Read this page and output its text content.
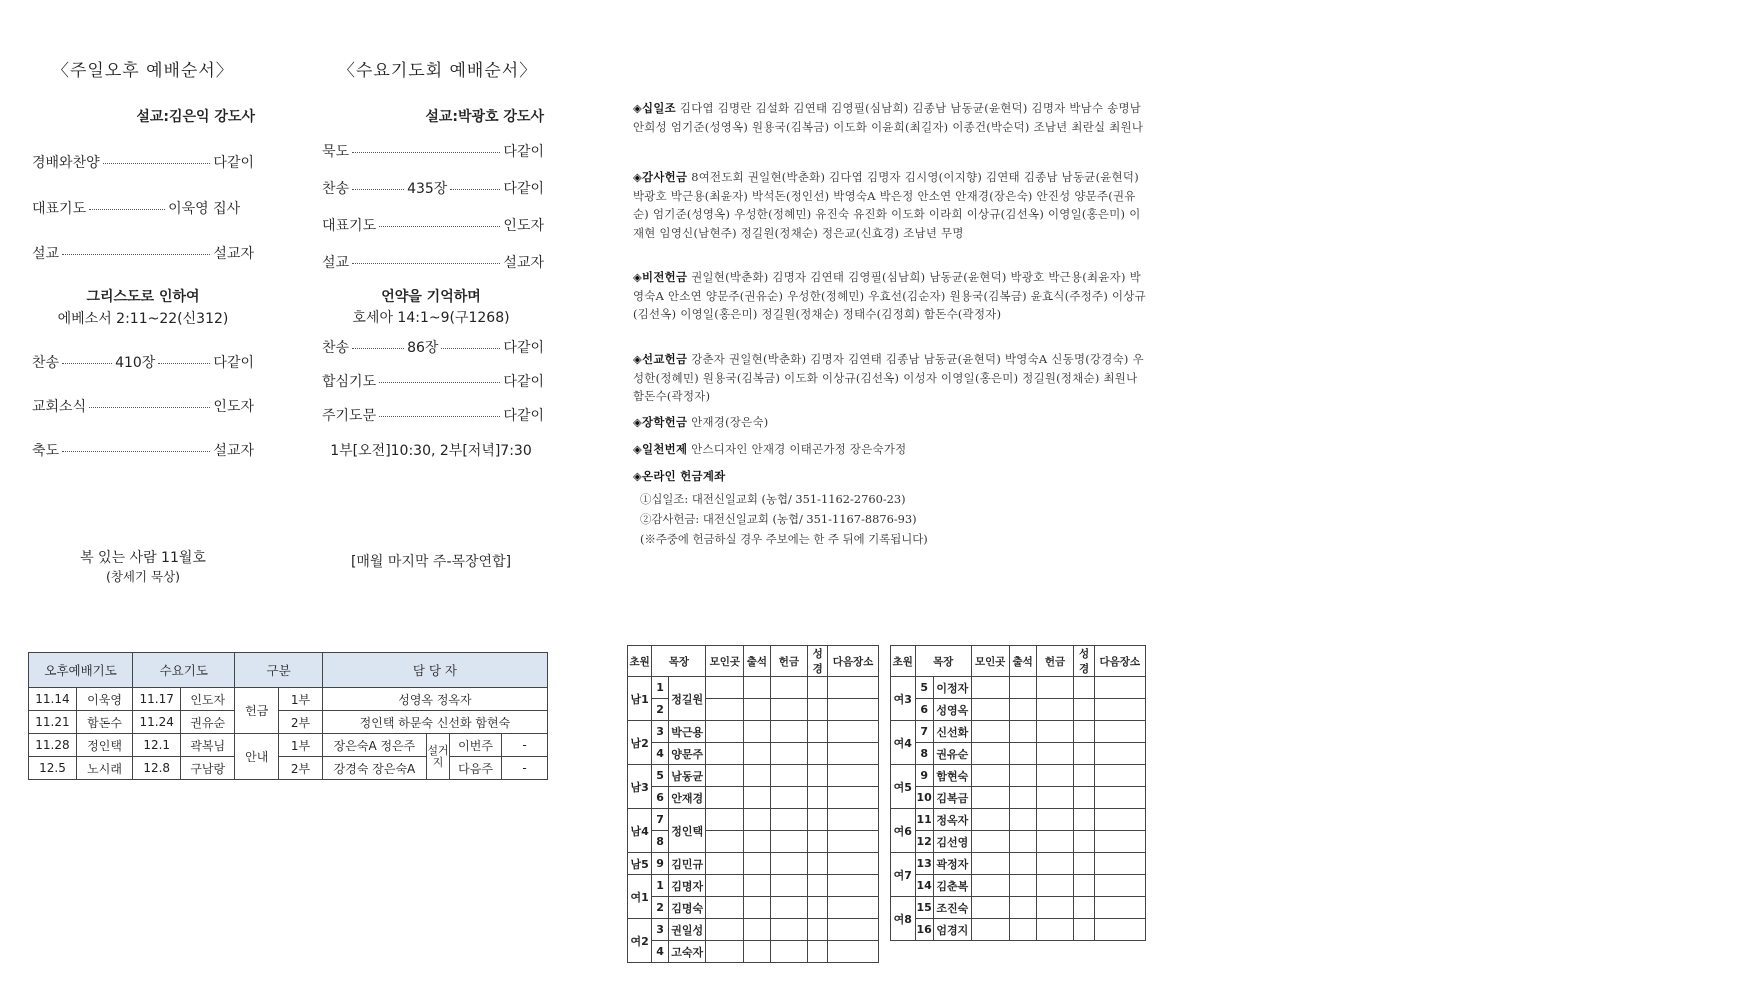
〈주일오후 예배순서〉
설교:김은익 강도사
경배와찬양	다같이
대표기도	이욱영 집사
설교	설교자
그리스도로 인하여
에베소서 2:11~22(신312)
찬송	410장	다같이
교회소식	인도자
축도	설교자
복 있는 사람 11월호
(창세기 묵상)
〈수요기도회 예배순서〉
설교:박광호 강도사
묵도	다같이
찬송	435장	다같이
대표기도	인도자
설교	설교자
언약을 기억하며
호세아 14:1~9(구1268)
찬송	86장	다같이
합심기도	다같이
주기도문	다같이
1부[오전]10:30, 2부[저녁]7:30
[매월 마지막 주-목장연합]
◈십일조 김다엽 김명란 김설화 김연태 김영필(심남희) 김종남 남동균(윤현덕) 김명자 박남수 송명남 안희성 엄기준(성영옥) 원용국(김복금) 이도화 이윤희(최길자) 이종건(박순덕) 조남년 최란실 최원나
◈감사헌금 8여전도회 권일현(박춘화) 김다엽 김명자 김시영(이지향) 김연태 김종남 남동균(윤현덕) 박광호 박근용(최윤자) 박석돈(정인선) 박영숙A 박은정 안소연 안재경(장은숙) 안진성 양문주(권유순) 엄기준(성영옥) 우성한(정혜민) 유진숙 유진화 이도화 이라희 이상규(김선옥) 이영일(홍은미) 이재현 임영신(남현주) 정길원(정채순) 정은교(신효경) 조남년 무명
◈비전헌금 권일현(박춘화) 김명자 김연태 김영필(심남희) 남동균(윤현덕) 박광호 박근용(최윤자) 박영숙A 안소연 양문주(권유순) 우성한(정혜민) 우효선(김순자) 원용국(김복금) 윤효식(주정주) 이상규(김선옥) 이영일(홍은미) 정길원(정채순) 정태수(김정희) 함돈수(곽정자)
◈선교헌금 강춘자 권일현(박춘화) 김명자 김연태 김종남 남동균(윤현덕) 박영숙A 신동명(강경숙) 우성한(정혜민) 원용국(김복금) 이도화 이상규(김선옥) 이성자 이영일(홍은미) 정길원(정채순) 최원나 함돈수(곽정자)
◈장학헌금 안재경(장은숙)
◈일천번제 안스디자인 안재경 이태곤가정 장은숙가정
◈온라인 헌금계좌
①십일조: 대전신일교회 (농협/ 351-1162-2760-23)
②감사헌금: 대전신일교회 (농협/ 351-1167-8876-93)
(※주중에 헌금하실 경우 주보에는 한 주 뒤에 기록됩니다)
오후예배기도		수요기도		구분		담 당 자			
11.14	이욱영	11.17	인도자	헌금	1부	성영옥 정옥자			
11.21	함돈수	11.24	권유순		2부	정인택 하문숙 신선화 함현숙			
11.28	정인택	12.1	곽복님	안내	1부	장은숙A 정은주	설거지	이번주	-
12.5	노시래	12.8	구남랑		2부	강경숙 장은숙A		다음주	-
초원	목장		모인곳	출석	헌금	성경	다음장소
남1	1	정길원					
	2						
남2	3	박근용					
	4	양문주					
남3	5	남동균					
	6	안재경					
남4	7	정인택					
	8						
남5	9	김민규					
여1	1	김명자					
	2	김명숙					
여2	3	권일성					
	4	고숙자					
초원	목장		모인곳	출석	헌금	성경	다음장소
여3	5	이정자					
	6	성영옥					
여4	7	신선화					
	8	권유순					
여5	9	함현숙					
	10	김복금					
여6	11	정옥자					
	12	김선영					
여7	13	곽정자					
	14	김춘복					
여8	15	조진숙					
	16	엄경지					
